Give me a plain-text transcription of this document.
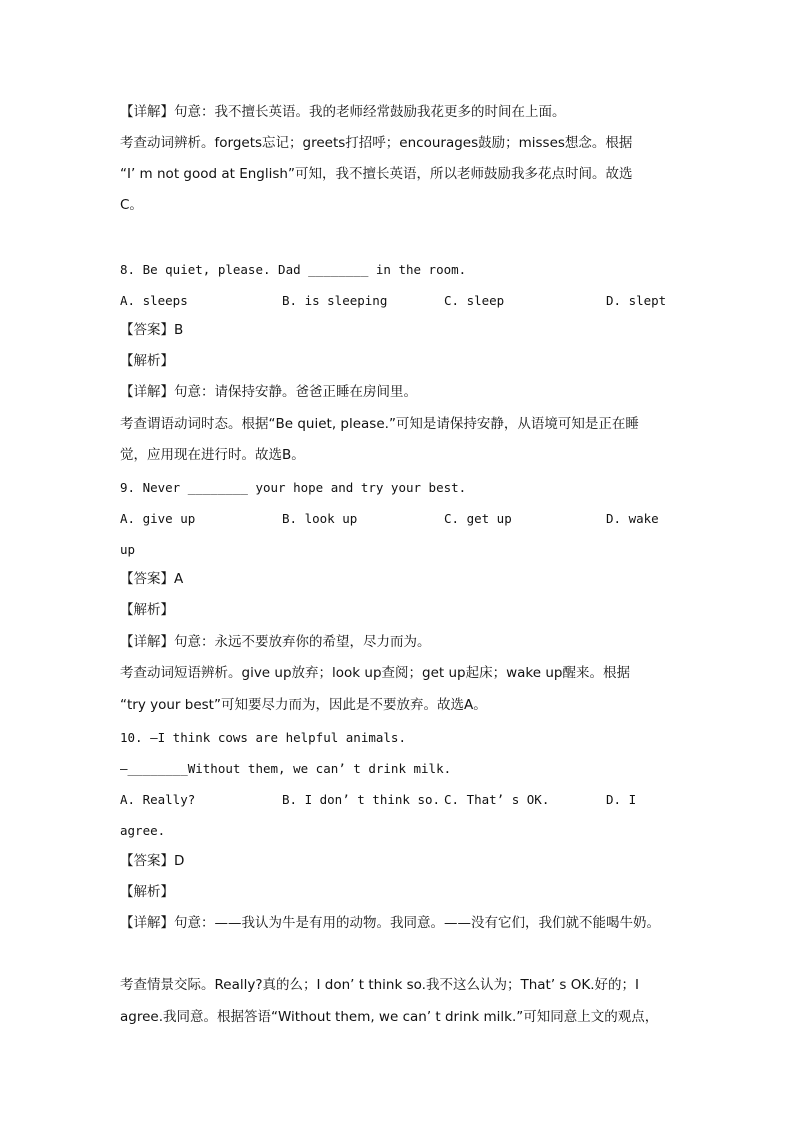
【详解】句意：我不擅长英语。我的老师经常鼓励我花更多的时间在上面。
考查动词辨析。forgets忘记；greets打招呼；encourages鼓励；misses想念。根据
“I’ m not good at English”可知，我不擅长英语，所以老师鼓励我多花点时间。故选
C。
8. Be quiet, please. Dad ________ in the room.
A. sleeps	B. is sleeping	C. sleep	D. slept
【答案】B
【解析】
【详解】句意：请保持安静。爸爸正睡在房间里。
考查谓语动词时态。根据“Be quiet, please.”可知是请保持安静，从语境可知是正在睡
觉，应用现在进行时。故选B。
9. Never ________ your hope and try your best.
A. give up	B. look up	C. get up	D. wake
up
【答案】A
【解析】
【详解】句意：永远不要放弃你的希望，尽力而为。
考查动词短语辨析。give up放弃；look up查阅；get up起床；wake up醒来。根据
“try your best”可知要尽力而为，因此是不要放弃。故选A。
10. —I think cows are helpful animals.
—________Without them, we can’ t drink milk.
A. Really?	B. I don’ t think so. C. That’ s OK.	D. I
agree.
【答案】D
【解析】
【详解】句意：——我认为牛是有用的动物。我同意。——没有它们，我们就不能喝牛奶。
考查情景交际。Really?真的么；I don’ t think so.我不这么认为；That’ s OK.好的；I
agree.我同意。根据答语“Without them, we can’ t drink milk.”可知同意上文的观点，
